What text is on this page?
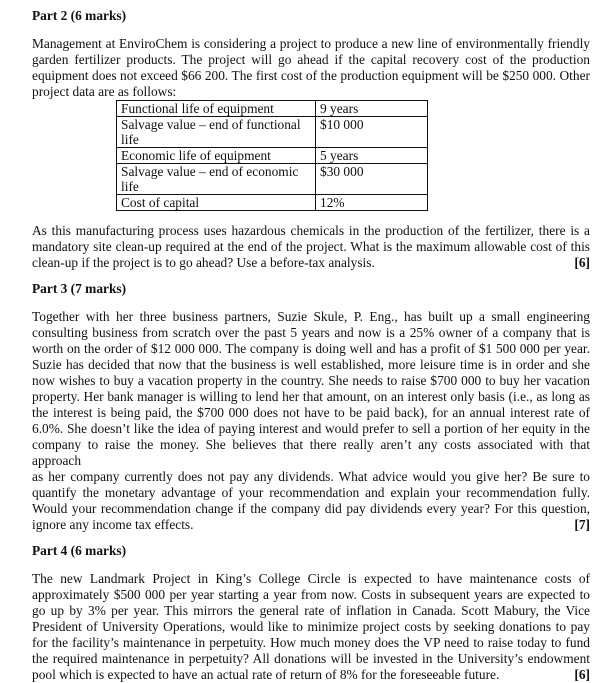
Part 2 (6 marks)
Management at EnviroChem is considering a project to produce a new line of environmentally friendly
garden fertilizer products. The project will go ahead if the capital recovery cost of the production
equipment does not exceed $66 200. The first cost of the production equipment will be $250 000. Other
project data are as follows:
Functional life of equipment	9 years
Salvage value – end of functional life	$10 000
Economic life of equipment	5 years
Salvage value – end of economic life	$30 000
Cost of capital	12%
As this manufacturing process uses hazardous chemicals in the production of the fertilizer, there is a
mandatory site clean-up required at the end of the project. What is the maximum allowable cost of this
clean-up if the project is to go ahead? Use a before-tax analysis.	[6]
Part 3 (7 marks)
Together with her three business partners, Suzie Skule, P. Eng., has built up a small engineering
consulting business from scratch over the past 5 years and now is a 25% owner of a company that is
worth on the order of $12 000 000. The company is doing well and has a profit of $1 500 000 per year.
Suzie has decided that now that the business is well established, more leisure time is in order and she
now wishes to buy a vacation property in the country. She needs to raise $700 000 to buy her vacation
property. Her bank manager is willing to lend her that amount, on an interest only basis (i.e., as long as
the interest is being paid, the $700 000 does not have to be paid back), for an annual interest rate of
6.0%. She doesn’t like the idea of paying interest and would prefer to sell a portion of her equity in the
company to raise the money. She believes that there really aren’t any costs associated with that approach
as her company currently does not pay any dividends. What advice would you give her? Be sure to
quantify the monetary advantage of your recommendation and explain your recommendation fully.
Would your recommendation change if the company did pay dividends every year? For this question,
ignore any income tax effects.	[7]
Part 4 (6 marks)
The new Landmark Project in King’s College Circle is expected to have maintenance costs of
approximately $500 000 per year starting a year from now. Costs in subsequent years are expected to
go up by 3% per year. This mirrors the general rate of inflation in Canada. Scott Mabury, the Vice
President of University Operations, would like to minimize project costs by seeking donations to pay
for the facility’s maintenance in perpetuity. How much money does the VP need to raise today to fund
the required maintenance in perpetuity? All donations will be invested in the University’s endowment
pool which is expected to have an actual rate of return of 8% for the foreseeable future.	[6]
